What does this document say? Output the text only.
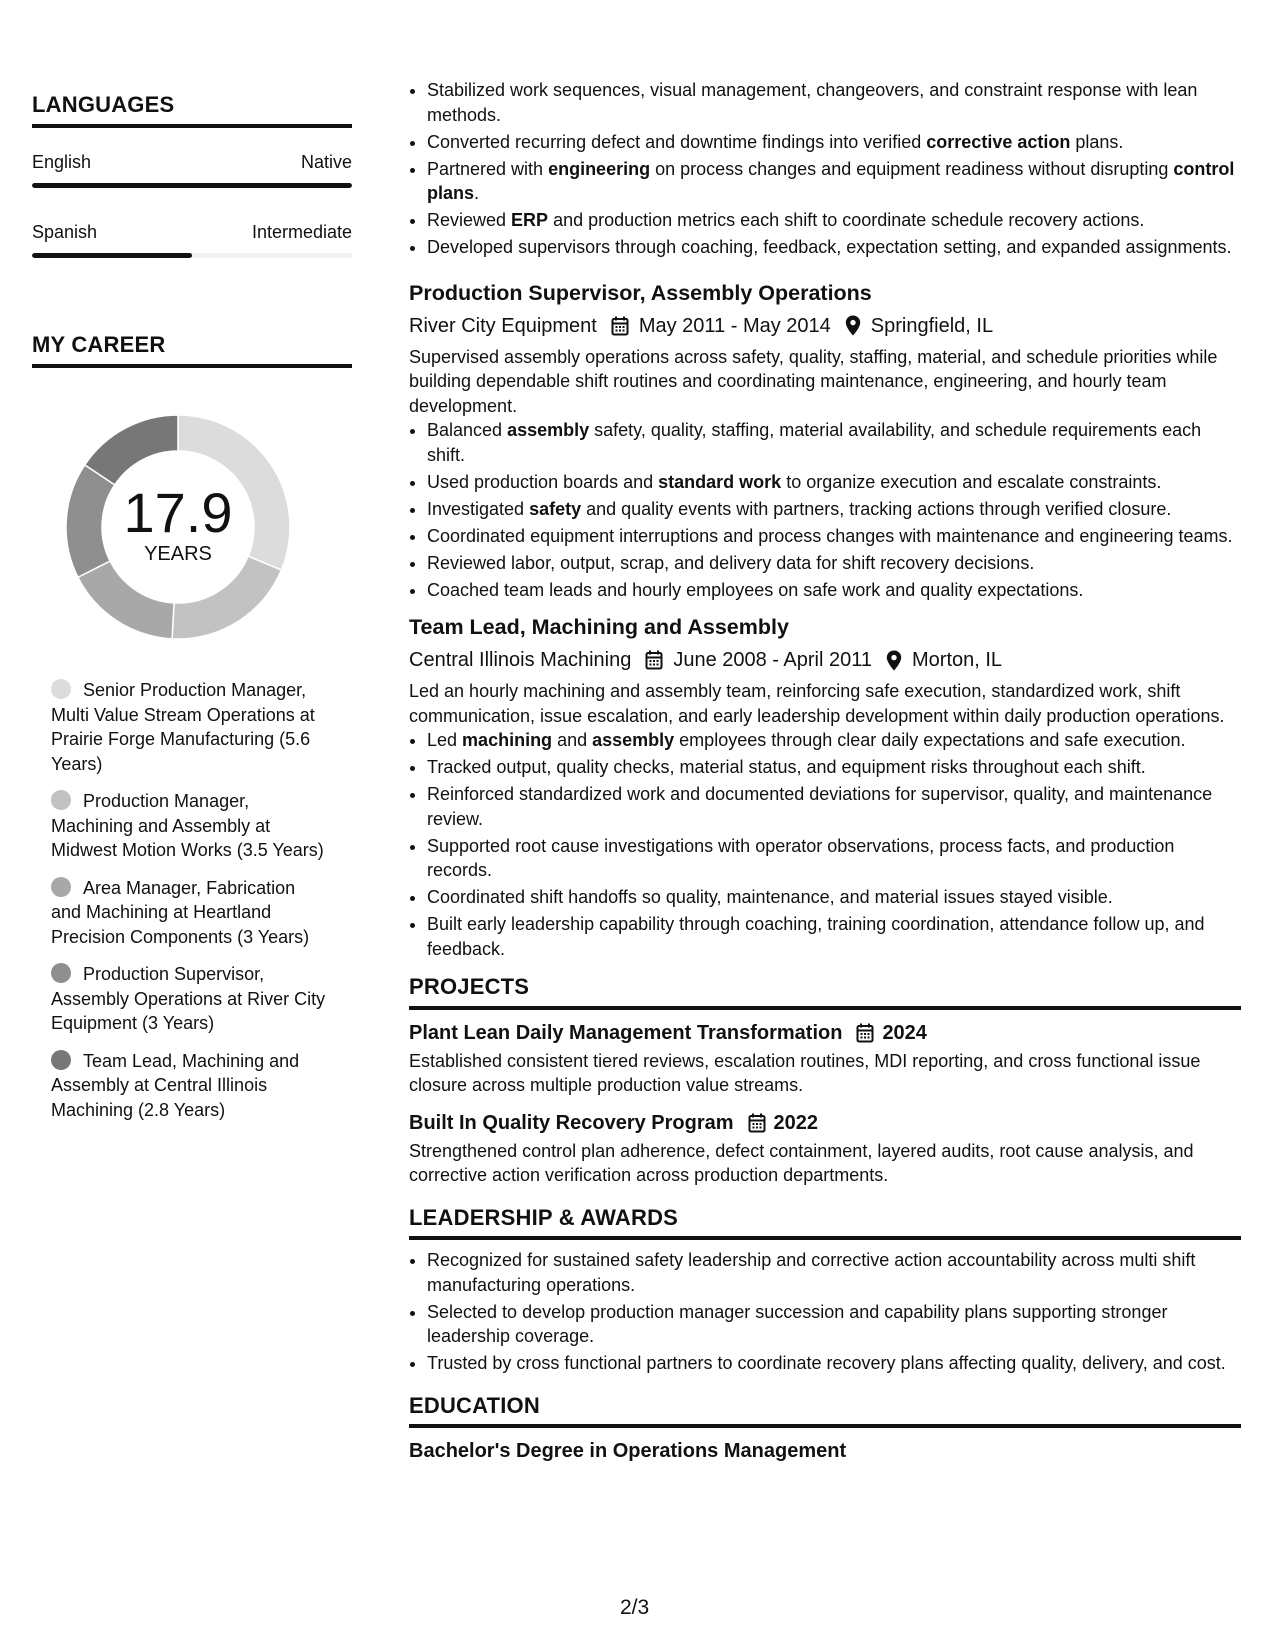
LANGUAGES
English	Native
Spanish	Intermediate
MY CAREER
17.9
YEARS
Senior Production Manager, Multi Value Stream Operations at Prairie Forge Manufacturing (5.6 Years)
Production Manager, Machining and Assembly at Midwest Motion Works (3.5 Years)
Area Manager, Fabrication and Machining at Heartland Precision Components (3 Years)
Production Supervisor, Assembly Operations at River City Equipment (3 Years)
Team Lead, Machining and Assembly at Central Illinois Machining (2.8 Years)
• Stabilized work sequences, visual management, changeovers, and constraint response with lean methods.
• Converted recurring defect and downtime findings into verified corrective action plans.
• Partnered with engineering on process changes and equipment readiness without disrupting control plans.
• Reviewed ERP and production metrics each shift to coordinate schedule recovery actions.
• Developed supervisors through coaching, feedback, expectation setting, and expanded assignments.
Production Supervisor, Assembly Operations
River City Equipment May 2011 - May 2014 Springfield, IL
Supervised assembly operations across safety, quality, staffing, material, and schedule priorities while building dependable shift routines and coordinating maintenance, engineering, and hourly team development.
• Balanced assembly safety, quality, staffing, material availability, and schedule requirements each shift.
• Used production boards and standard work to organize execution and escalate constraints.
• Investigated safety and quality events with partners, tracking actions through verified closure.
• Coordinated equipment interruptions and process changes with maintenance and engineering teams.
• Reviewed labor, output, scrap, and delivery data for shift recovery decisions.
• Coached team leads and hourly employees on safe work and quality expectations.
Team Lead, Machining and Assembly
Central Illinois Machining June 2008 - April 2011 Morton, IL
Led an hourly machining and assembly team, reinforcing safe execution, standardized work, shift communication, issue escalation, and early leadership development within daily production operations.
• Led machining and assembly employees through clear daily expectations and safe execution.
• Tracked output, quality checks, material status, and equipment risks throughout each shift.
• Reinforced standardized work and documented deviations for supervisor, quality, and maintenance review.
• Supported root cause investigations with operator observations, process facts, and production records.
• Coordinated shift handoffs so quality, maintenance, and material issues stayed visible.
• Built early leadership capability through coaching, training coordination, attendance follow up, and feedback.
PROJECTS
Plant Lean Daily Management Transformation 2024
Established consistent tiered reviews, escalation routines, MDI reporting, and cross functional issue closure across multiple production value streams.
Built In Quality Recovery Program 2022
Strengthened control plan adherence, defect containment, layered audits, root cause analysis, and corrective action verification across production departments.
LEADERSHIP & AWARDS
• Recognized for sustained safety leadership and corrective action accountability across multi shift manufacturing operations.
• Selected to develop production manager succession and capability plans supporting stronger leadership coverage.
• Trusted by cross functional partners to coordinate recovery plans affecting quality, delivery, and cost.
EDUCATION
Bachelor's Degree in Operations Management
2/3
